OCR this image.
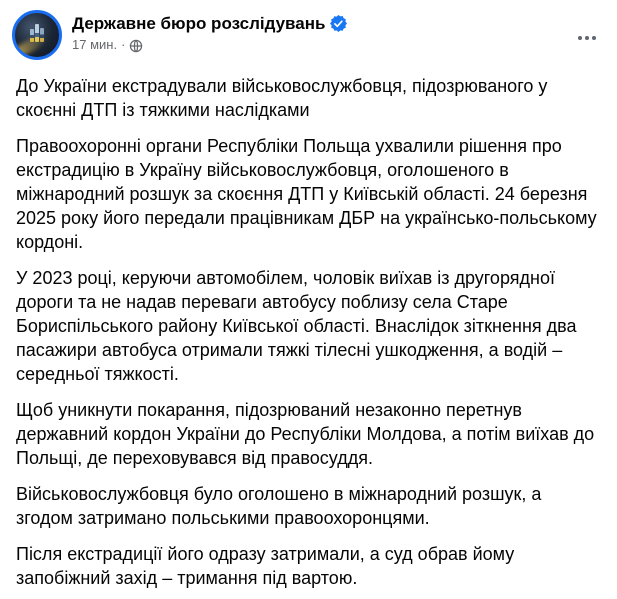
Державне бюро розслідувань
17 мин. ·

До України екстрадували військовослужбовця, підозрюваного у скоєнні ДТП із тяжкими наслідками

Правоохоронні органи Республіки Польща ухвалили рішення про екстрадицію в Україну військовослужбовця, оголошеного в міжнародний розшук за скоєння ДТП у Київській області. 24 березня 2025 року його передали працівникам ДБР на українсько-польському кордоні.

У 2023 році, керуючи автомобілем, чоловік виїхав із другорядної дороги та не надав переваги автобусу поблизу села Старе Бориспільського району Київської області. Внаслідок зіткнення два пасажири автобуса отримали тяжкі тілесні ушкодження, а водій – середньої тяжкості.

Щоб уникнути покарання, підозрюваний незаконно перетнув державний кордон України до Республіки Молдова, а потім виїхав до Польщі, де переховувався від правосуддя.

Військовослужбовця було оголошено в міжнародний розшук, а згодом затримано польськими правоохоронцями.

Після екстрадиції його одразу затримали, а суд обрав йому запобіжний захід – тримання під вартою.
